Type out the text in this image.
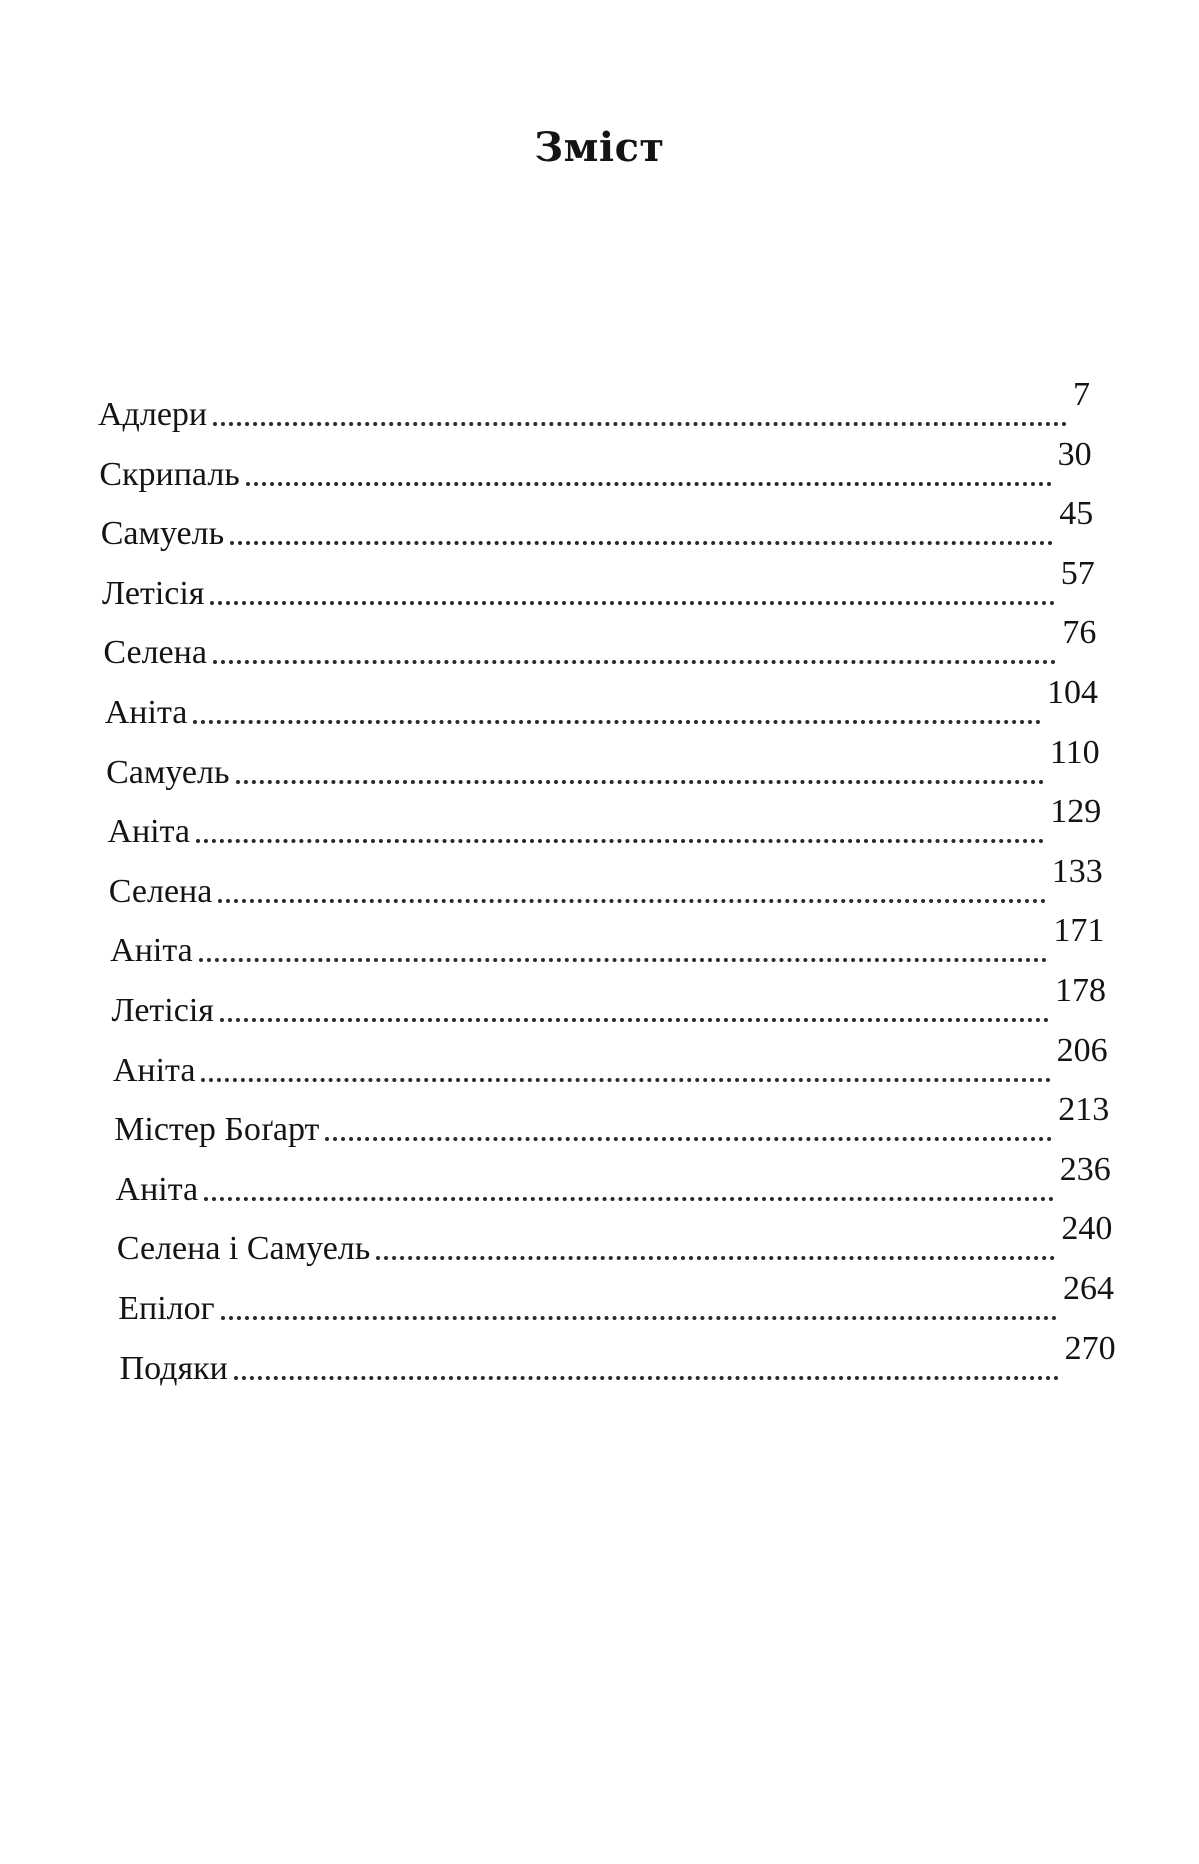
Зміст
Адлери
7
Скрипаль
30
Самуель
45
Летісія
57
Селена
76
Аніта
104
Самуель
110
Аніта
129
Селена
133
Аніта
171
Летісія
178
Аніта
206
Містер Боґарт
213
Аніта
236
Селена і Самуель
240
Епілог
264
Подяки
270
